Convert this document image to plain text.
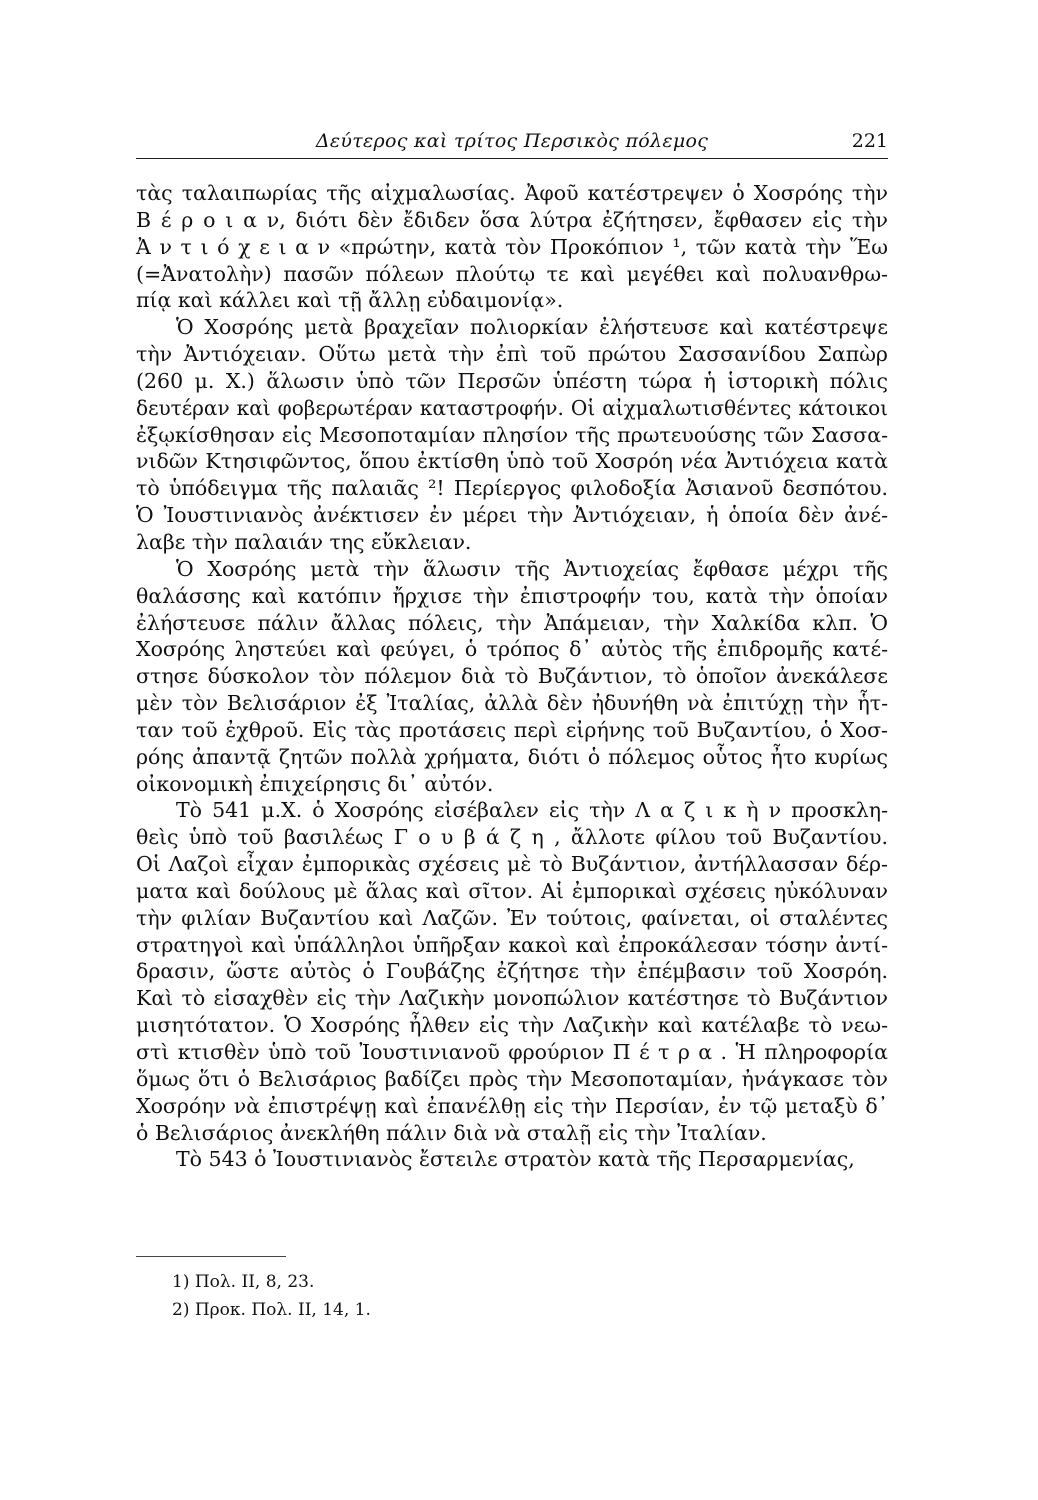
Δεύτερος καὶ τρίτος Περσικὸς πόλεμος	221
τὰς ταλαιπωρίας τῆς αἰχμαλωσίας. Ἀφοῦ κατέστρεψεν ὁ Χοσρόης τὴν
Β έ ρ ο ι α ν, διότι δὲν ἔδιδεν ὅσα λύτρα ἐζήτησεν, ἔφθασεν εἰς τὴν
Ἀ ν τ ι ό χ ε ι α ν «πρώτην, κατὰ τὸν Προκόπιον ¹, τῶν κατὰ τὴν Ἕω
(=Ἀνατολὴν) πασῶν πόλεων πλούτῳ τε καὶ μεγέθει καὶ πολυανθρω-
πίᾳ καὶ κάλλει καὶ τῇ ἄλλῃ εὐδαιμονίᾳ».
Ὁ Χοσρόης μετὰ βραχεῖαν πολιορκίαν ἐλήστευσε καὶ κατέστρεψε
τὴν Ἀντιόχειαν. Οὕτω μετὰ τὴν ἐπὶ τοῦ πρώτου Σασσανίδου Σαπὼρ
(260 μ. Χ.) ἅλωσιν ὑπὸ τῶν Περσῶν ὑπέστη τώρα ἡ ἱστορικὴ πόλις
δευτέραν καὶ φοβερωτέραν καταστροφήν. Οἱ αἰχμαλωτισθέντες κάτοικοι
ἐξῳκίσθησαν εἰς Μεσοποταμίαν πλησίον τῆς πρωτευούσης τῶν Σασσα-
νιδῶν Κτησιφῶντος, ὅπου ἐκτίσθη ὑπὸ τοῦ Χοσρόη νέα Ἀντιόχεια κατὰ
τὸ ὑπόδειγμα τῆς παλαιᾶς ²! Περίεργος φιλοδοξία Ἀσιανοῦ δεσπότου.
Ὁ Ἰουστινιανὸς ἀνέκτισεν ἐν μέρει τὴν Ἀντιόχειαν, ἡ ὁποία δὲν ἀνέ-
λαβε τὴν παλαιάν της εὔκλειαν.
Ὁ Χοσρόης μετὰ τὴν ἅλωσιν τῆς Ἀντιοχείας ἔφθασε μέχρι τῆς
θαλάσσης καὶ κατόπιν ἤρχισε τὴν ἐπιστροφήν του, κατὰ τὴν ὁποίαν
ἐλήστευσε πάλιν ἄλλας πόλεις, τὴν Ἀπάμειαν, τὴν Χαλκίδα κλπ. Ὁ
Χοσρόης ληστεύει καὶ φεύγει, ὁ τρόπος δ᾽ αὐτὸς τῆς ἐπιδρομῆς κατέ-
στησε δύσκολον τὸν πόλεμον διὰ τὸ Βυζάντιον, τὸ ὁποῖον ἀνεκάλεσε
μὲν τὸν Βελισάριον ἐξ Ἰταλίας, ἀλλὰ δὲν ἠδυνήθη νὰ ἐπιτύχῃ τὴν ἧτ-
ταν τοῦ ἐχθροῦ. Εἰς τὰς προτάσεις περὶ εἰρήνης τοῦ Βυζαντίου, ὁ Χοσ-
ρόης ἀπαντᾷ ζητῶν πολλὰ χρήματα, διότι ὁ πόλεμος οὗτος ἦτο κυρίως
οἰκονομικὴ ἐπιχείρησις δι᾽ αὐτόν.
Τὸ 541 μ.Χ. ὁ Χοσρόης εἰσέβαλεν εἰς τὴν Λ α ζ ι κ ὴ ν προσκλη-
θεὶς ὑπὸ τοῦ βασιλέως Γ ο υ β ά ζ η , ἄλλοτε φίλου τοῦ Βυζαντίου.
Οἱ Λαζοὶ εἶχαν ἐμπορικὰς σχέσεις μὲ τὸ Βυζάντιον, ἀντήλλασσαν δέρ-
ματα καὶ δούλους μὲ ἅλας καὶ σῖτον. Αἱ ἐμπορικαὶ σχέσεις ηὐκόλυναν
τὴν φιλίαν Βυζαντίου καὶ Λαζῶν. Ἐν τούτοις, φαίνεται, οἱ σταλέντες
στρατηγοὶ καὶ ὑπάλληλοι ὑπῆρξαν κακοὶ καὶ ἐπροκάλεσαν τόσην ἀντί-
δρασιν, ὥστε αὐτὸς ὁ Γουβάζης ἐζήτησε τὴν ἐπέμβασιν τοῦ Χοσρόη.
Καὶ τὸ εἰσαχθὲν εἰς τὴν Λαζικὴν μονοπώλιον κατέστησε τὸ Βυζάντιον
μισητότατον. Ὁ Χοσρόης ἦλθεν εἰς τὴν Λαζικὴν καὶ κατέλαβε τὸ νεω-
στὶ κτισθὲν ὑπὸ τοῦ Ἰουστινιανοῦ φρούριον Π έ τ ρ α . Ἡ πληροφορία
ὅμως ὅτι ὁ Βελισάριος βαδίζει πρὸς τὴν Μεσοποταμίαν, ἠνάγκασε τὸν
Χοσρόην νὰ ἐπιστρέψῃ καὶ ἐπανέλθῃ εἰς τὴν Περσίαν, ἐν τῷ μεταξὺ δ᾽
ὁ Βελισάριος ἀνεκλήθη πάλιν διὰ νὰ σταλῇ εἰς τὴν Ἰταλίαν.
Τὸ 543 ὁ Ἰουστινιανὸς ἔστειλε στρατὸν κατὰ τῆς Περσαρμενίας,
1) Πολ. II, 8, 23.
2) Προκ. Πολ. II, 14, 1.
